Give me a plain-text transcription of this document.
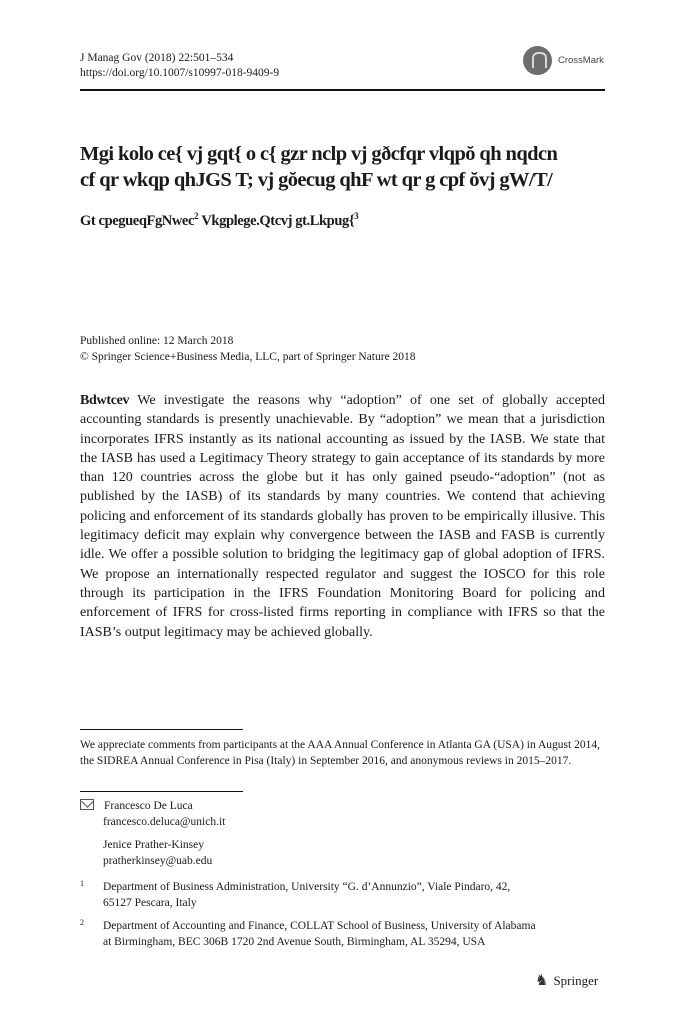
J Manag Gov (2018) 22:501–534
https://doi.org/10.1007/s10997-018-9409-9
CrossMark
Mgi kolo ce{ vj gqt{ o c{ gzr nclp vj gðcfqr vlqpŏ qh nqdcn
cf qr wkqp qhJGS T; vj gŏecug qhF wt qr g cpf ŏvj gW/T/
Gt cpegueqFgNwec$^2$ Vkgplege.Qtcvj gt.Lkpug{$^3$
Published online: 12 March 2018
© Springer Science+Business Media, LLC, part of Springer Nature 2018
Bdwtcev We investigate the reasons why “adoption” of one set of globally accepted accounting standards is presently unachievable. By “adoption” we mean that a jurisdiction incorporates IFRS instantly as its national accounting as issued by the IASB. We state that the IASB has used a Legitimacy Theory strategy to gain acceptance of its standards by more than 120 countries across the globe but it has only gained pseudo-“adoption” (not as published by the IASB) of its standards by many countries. We contend that achieving policing and enforcement of its standards globally has proven to be empirically illusive. This legitimacy deficit may explain why convergence between the IASB and FASB is currently idle. We offer a possible solution to bridging the legitimacy gap of global adoption of IFRS. We propose an internationally respected regulator and suggest the IOSCO for this role through its participation in the IFRS Foundation Monitoring Board for policing and enforcement of IFRS for cross-listed firms reporting in compliance with IFRS so that the IASB’s output legitimacy may be achieved globally.
We appreciate comments from participants at the AAA Annual Conference in Atlanta GA (USA) in August 2014, the SIDREA Annual Conference in Pisa (Italy) in September 2016, and anonymous reviews in 2015–2017.
Francesco De Luca
francesco.deluca@unich.it
Jenice Prather-Kinsey
pratherkinsey@uab.edu
1 Department of Business Administration, University “G. d’Annunzio”, Viale Pindaro, 42,
65127 Pescara, Italy
2 Department of Accounting and Finance, COLLAT School of Business, University of Alabama
at Birmingham, BEC 306B 1720 2nd Avenue South, Birmingham, AL 35294, USA
♞ Springer
